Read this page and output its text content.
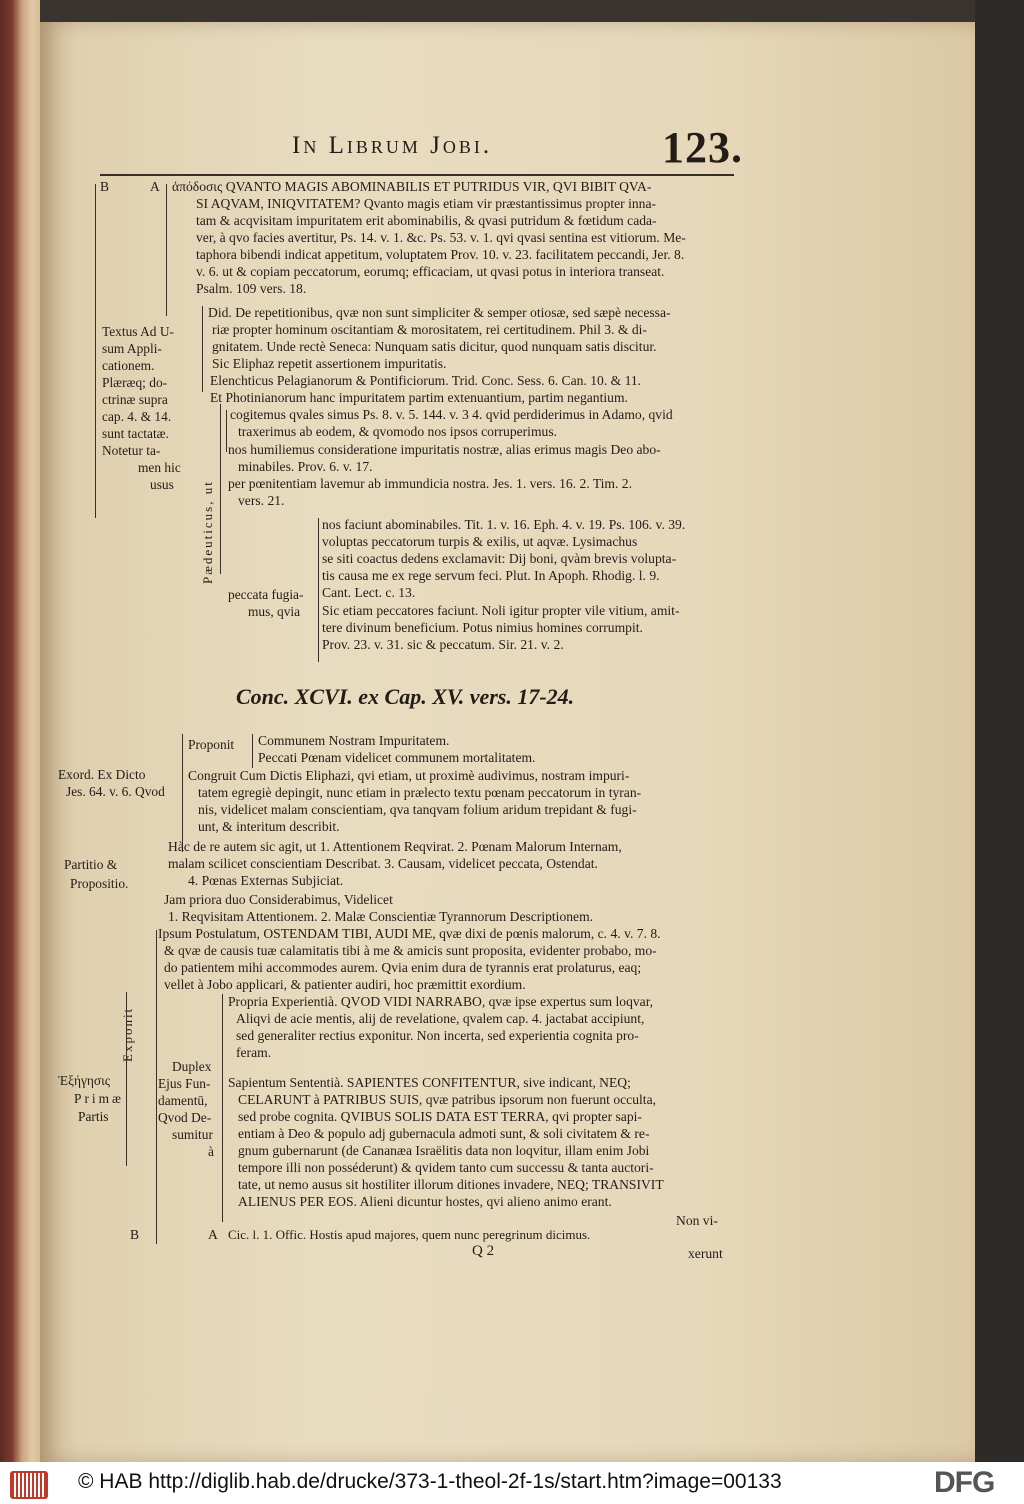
In Librum Jobi.	123.
B	A ἀπόδοσις QVANTO MAGIS ABOMINABILIS ET PUTRIDUS VIR, QVI BIBIT QVA-
SI AQVAM, INIQVITATEM? Qvanto magis etiam vir præstantissimus propter inna-
tam & acqvisitam impuritatem erit abominabilis, & qvasi putridum & fœtidum cada-
ver, à qvo facies avertitur, Ps. 14. v. 1. &c. Ps. 53. v. 1. qvi qvasi sentina est vitiorum. Me-
taphora bibendi indicat appetitum, voluptatem Prov. 10. v. 23. facilitatem peccandi, Jer. 8.
v. 6. ut & copiam peccatorum, eorumq; efficaciam, ut qvasi potus in interiora transeat.
Psalm. 109 vers. 18.
Textus Ad U-
sum Appli-
cationem.
Plæræq; do-
ctrinæ supra
cap. 4. & 14.
sunt tactatæ.
Notetur ta-
men hic
usus
Did. De repetitionibus, qvæ non sunt simpliciter & semper otiosæ, sed sæpè necessa-
riæ propter hominum oscitantiam & morositatem, rei certitudinem. Phil 3. & di-
gnitatem. Unde rectè Seneca: Nunquam satis dicitur, quod nunquam satis discitur.
Sic Eliphaz repetit assertionem impuritatis.
Elenchticus Pelagianorum & Pontificiorum. Trid. Conc. Sess. 6. Can. 10. & 11.
Et Photinianorum hanc impuritatem partim extenuantium, partim negantium.
Pædeuticus, ut
cogitemus qvales simus Ps. 8. v. 5. 144. v. 3 4. qvid perdiderimus in Adamo, qvid
traxerimus ab eodem, & qvomodo nos ipsos corruperimus.
nos humiliemus consideratione impuritatis nostræ, alias erimus magis Deo abo-
minabiles. Prov. 6. v. 17.
per pœnitentiam lavemur ab immundicia nostra. Jes. 1. vers. 16. 2. Tim. 2.
vers. 21.
peccata fugia-
mus, qvia
nos faciunt abominabiles. Tit. 1. v. 16. Eph. 4. v. 19. Ps. 106. v. 39.
voluptas peccatorum turpis & exilis, ut aqvæ. Lysimachus
se siti coactus dedens exclamavit: Dij boni, qvàm brevis volupta-
tis causa me ex rege servum feci. Plut. In Apoph. Rhodig. l. 9.
Cant. Lect. c. 13.
Sic etiam peccatores faciunt. Noli igitur propter vile vitium, amit-
tere divinum beneficium. Potus nimius homines corrumpit.
Prov. 23. v. 31. sic & peccatum. Sir. 21. v. 2.
Conc. XCVI. ex Cap. XV. vers. 17-24.
Exord. Ex Dicto
Jes. 64. v. 6. Qvod
Proponit Communem Nostram Impuritatem.
Peccati Pœnam videlicet communem mortalitatem.
Congruit Cum Dictis Eliphazi, qvi etiam, ut proximè audivimus, nostram impuri-
tatem egregiè depingit, nunc etiam in prælecto textu pœnam peccatorum in tyran-
nis, videlicet malam conscientiam, qva tanqvam folium aridum trepidant & fugi-
unt, & interitum describit.
Partitio &
Propositio.
Hàc de re autem sic agit, ut 1. Attentionem Reqvirat. 2. Pœnam Malorum Internam,
malam scilicet conscientiam Describat. 3. Causam, videlicet peccata, Ostendat.
4. Pœnas Externas Subjiciat.
Jam priora duo Considerabimus, Videlicet
1. Reqvisitam Attentionem. 2. Malæ Conscientiæ Tyrannorum Descriptionem.
Ipsum Postulatum, OSTENDAM TIBI, AUDI ME, qvæ dixi de pœnis malorum, c. 4. v. 7. 8.
& qvæ de causis tuæ calamitatis tibi à me & amicis sunt proposita, evidenter probabo, mo-
do patientem mihi accommodes aurem. Qvia enim dura de tyrannis erat prolaturus, eaq;
vellet à Jobo applicari, & patienter audiri, hoc præmittit exordium.
Exponit
Ἐξήγησις
Primæ
Partis
Duplex
Ejus Fun-
damentū,
Qvod De-
sumitur
à
Propria Experientià. QVOD VIDI NARRABO, qvæ ipse expertus sum loqvar,
Aliqvi de acie mentis, alij de revelatione, qvalem cap. 4. jactabat accipiunt,
sed generaliter rectius exponitur. Non incerta, sed experientia cognita pro-
feram.
Sapientum Sententià. SAPIENTES CONFITENTUR, sive indicant, NEQ;
CELARUNT à PATRIBUS SUIS, qvæ patribus ipsorum non fuerunt occulta,
sed probe cognita. QVIBUS SOLIS DATA EST TERRA, qvi propter sapi-
entiam à Deo & populo adj gubernacula admoti sunt, & soli civitatem & re-
gnum gubernarunt (de Cananæa Israëlitis data non loqvitur, illam enim Jobi
tempore illi non posséderunt) & qvidem tanto cum successu & tanta auctori-
tate, ut nemo ausus sit hostiliter illorum ditiones invadere, NEQ; TRANSIVIT
ALIENUS PER EOS. Alieni dicuntur hostes, qvi alieno animo erant.
B	A Cic. l. 1. Offic. Hostis apud majores, quem nunc peregrinum dicimus.
Non vi-
xerunt
Q 2
© HAB http://diglib.hab.de/drucke/373-1-theol-2f-1s/start.htm?image=00133	DFG
